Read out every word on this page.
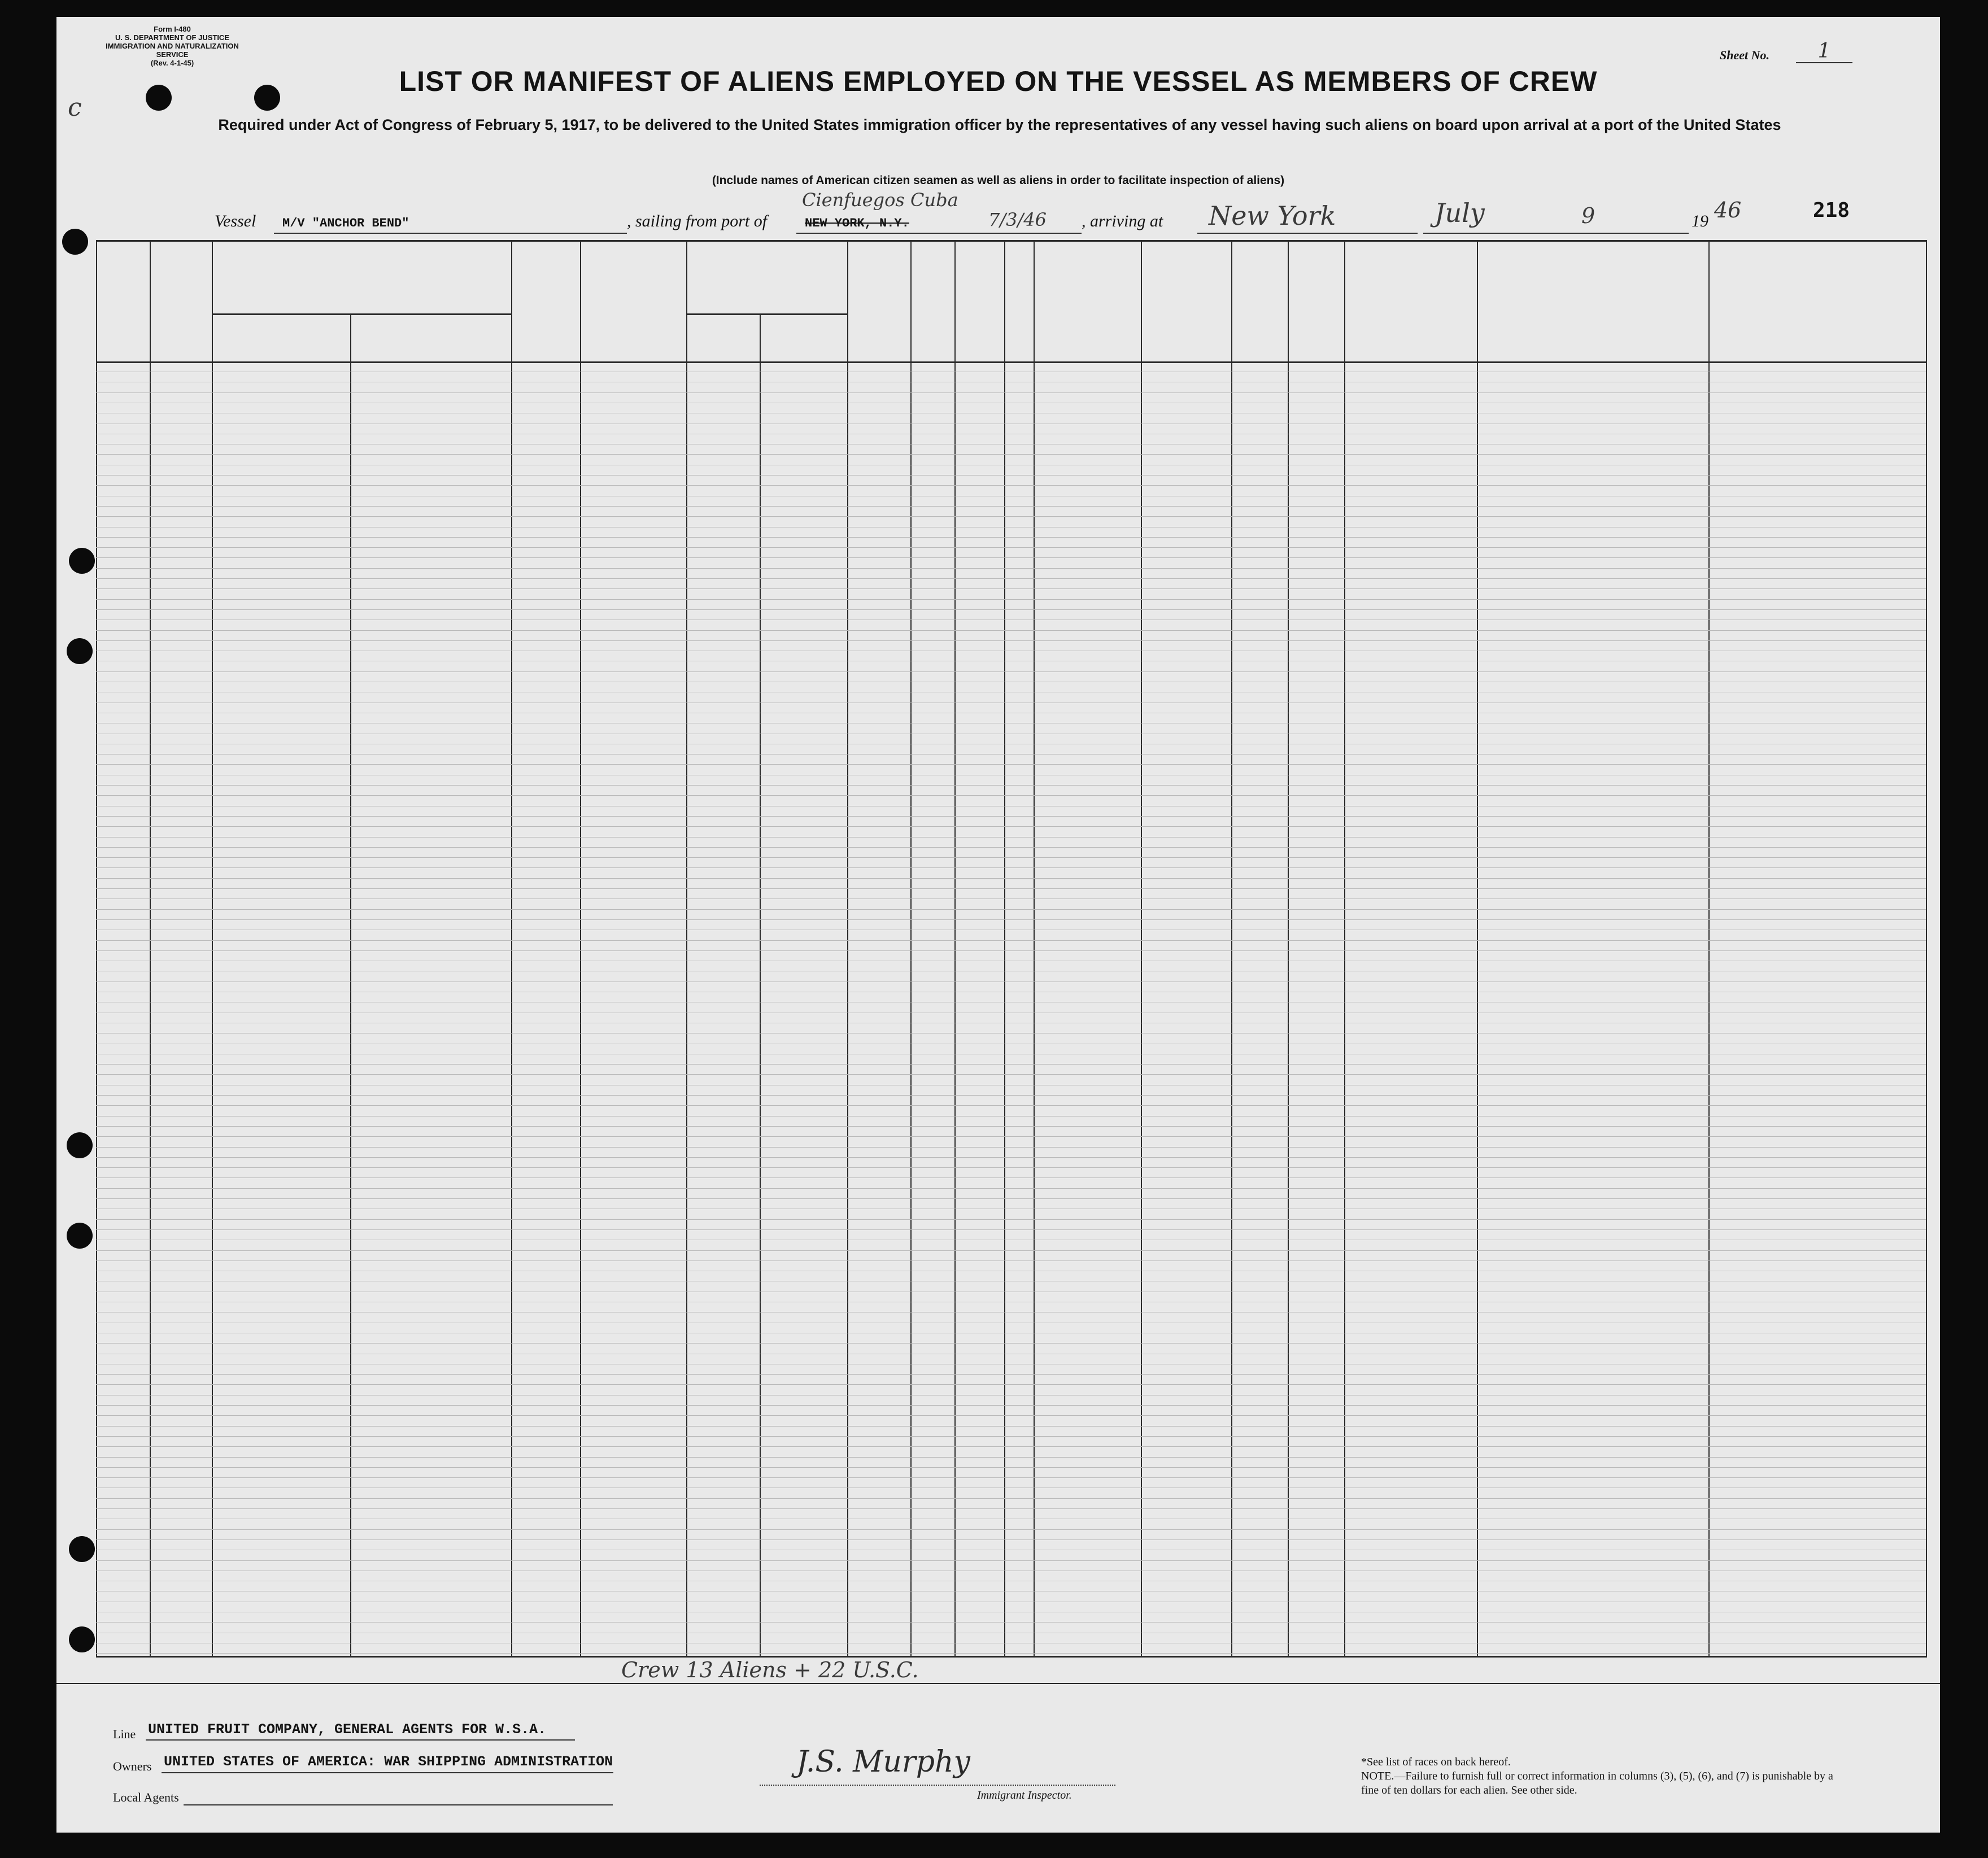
Form I-480
U. S. DEPARTMENT OF JUSTICE
IMMIGRATION AND NATURALIZATION SERVICE
(Rev. 4-1-45)
c
Sheet No.	1
LIST OR MANIFEST OF ALIENS EMPLOYED ON THE VESSEL AS MEMBERS OF CREW
Required under Act of Congress of February 5, 1917, to be delivered to the United States immigration officer by the representatives of any vessel having such aliens on board upon arrival at a port of the United States
(Include names of American citizen seamen as well as aliens in order to facilitate inspection of aliens)
Vessel M/V "ANCHOR BEND"	, sailing from port of	NEW YORK, N.Y.
Cienfuegos Cuba
7/3/46 , arriving at New York	July	9	19 46	218
Crew 13 Aliens + 22 U.S.C.
Line UNITED FRUIT COMPANY, GENERAL AGENTS FOR W.S.A.
Owners UNITED STATES OF AMERICA: WAR SHIPPING ADMINISTRATION
Local Agents
J.S. Murphy
Immigrant Inspector.
*See list of races on back hereof.
NOTE.—Failure to furnish full or correct information in columns (3), (5), (6), and (7) is punishable by a fine of ten dollars for each alien. See other side.
